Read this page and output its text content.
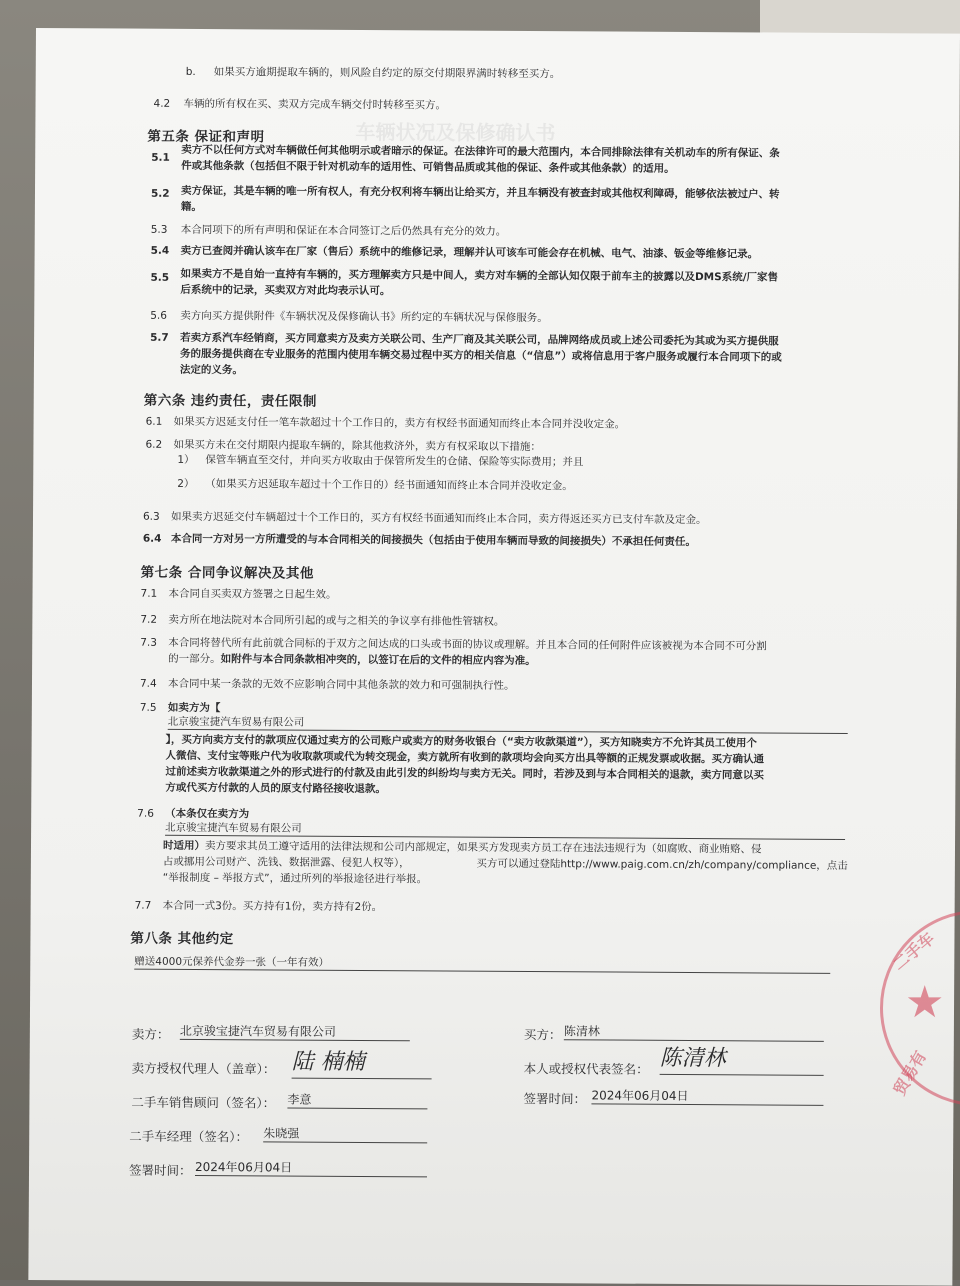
车辆状况及保修确认书
b. 如果买方逾期提取车辆的，则风险自约定的原交付期限界满时转移至买方。
4.2 车辆的所有权在买、卖双方完成车辆交付时转移至买方。
第五条 保证和声明
5.1 卖方不以任何方式对车辆做任何其他明示或者暗示的保证。在法律许可的最大范围内，本合同排除法律有关机动车的所有保证、条
件或其他条款（包括但不限于针对机动车的适用性、可销售品质或其他的保证、条件或其他条款）的适用。
5.2 卖方保证，其是车辆的唯一所有权人，有充分权利将车辆出让给买方，并且车辆没有被查封或其他权利障碍，能够依法被过户、转
籍。
5.3 本合同项下的所有声明和保证在本合同签订之后仍然具有充分的效力。
5.4 卖方已查阅并确认该车在厂家（售后）系统中的维修记录，理解并认可该车可能会存在机械、电气、油漆、钣金等维修记录。
5.5 如果卖方不是自始一直持有车辆的，买方理解卖方只是中间人，卖方对车辆的全部认知仅限于前车主的披露以及DMS系统/厂家售
后系统中的记录，买卖双方对此均表示认可。
5.6 卖方向买方提供附件《车辆状况及保修确认书》所约定的车辆状况与保修服务。
5.7 若卖方系汽车经销商，买方同意卖方及卖方关联公司、生产厂商及其关联公司，品牌网络成员或上述公司委托为其或为买方提供服
务的服务提供商在专业服务的范围内使用车辆交易过程中买方的相关信息（“信息”）或将信息用于客户服务或履行本合同项下的或
法定的义务。
第六条 违约责任，责任限制
6.1 如果买方迟延支付任一笔车款超过十个工作日的，卖方有权经书面通知而终止本合同并没收定金。
6.2 如果买方未在交付期限内提取车辆的，除其他救济外，卖方有权采取以下措施：
1） 保管车辆直至交付，并向买方收取由于保管所发生的仓储、保险等实际费用；并且
2） （如果买方迟延取车超过十个工作日的）经书面通知而终止本合同并没收定金。
6.3 如果卖方迟延交付车辆超过十个工作日的，买方有权经书面通知而终止本合同，卖方得返还买方已支付车款及定金。
6.4 本合同一方对另一方所遭受的与本合同相关的间接损失（包括由于使用车辆而导致的间接损失）不承担任何责任。
第七条 合同争议解决及其他
7.1 本合同自买卖双方签署之日起生效。
7.2 卖方所在地法院对本合同所引起的或与之相关的争议享有排他性管辖权。
7.3 本合同将替代所有此前就合同标的于双方之间达成的口头或书面的协议或理解。并且本合同的任何附件应该被视为本合同不可分割
的一部分。如附件与本合同条款相冲突的，以签订在后的文件的相应内容为准。
7.4 本合同中某一条款的无效不应影响合同中其他条款的效力和可强制执行性。
7.5 如卖方为【
北京骏宝捷汽车贸易有限公司
】，买方向卖方支付的款项应仅通过卖方的公司账户或卖方的财务收银台（“卖方收款渠道”），买方知晓卖方不允许其员工使用个
人微信、支付宝等账户代为收取款项或代为转交现金，卖方就所有收到的款项均会向买方出具等额的正规发票或收据。买方确认通
过前述卖方收款渠道之外的形式进行的付款及由此引发的纠纷均与卖方无关。同时，若涉及到与本合同相关的退款，卖方同意以买
方或代买方付款的人员的原支付路径接收退款。
7.6 （本条仅在卖方为
北京骏宝捷汽车贸易有限公司
时适用）卖方要求其员工遵守适用的法律法规和公司内部规定，如果买方发现卖方员工存在违法违规行为（如腐败、商业贿赂、侵
占或挪用公司财产、洗钱、数据泄露、侵犯人权等），                    买方可以通过登陆http://www.paig.com.cn/zh/company/compliance，点击
“举报制度 – 举报方式”，通过所列的举报途径进行举报。
7.7 本合同一式3份。买方持有1份，卖方持有2份。
第八条 其他约定
赠送4000元保养代金券一张（一年有效）
卖方： 北京骏宝捷汽车贸易有限公司
卖方授权代理人（盖章）： 陆 楠楠
二手车销售顾问（签名）： 李意
二手车经理（签名）： 朱晓强
签署时间： 2024年06月04日
买方： 陈清林
本人或授权代表签名： 陈清林
签署时间： 2024年06月04日
★
二手车
贸易有
